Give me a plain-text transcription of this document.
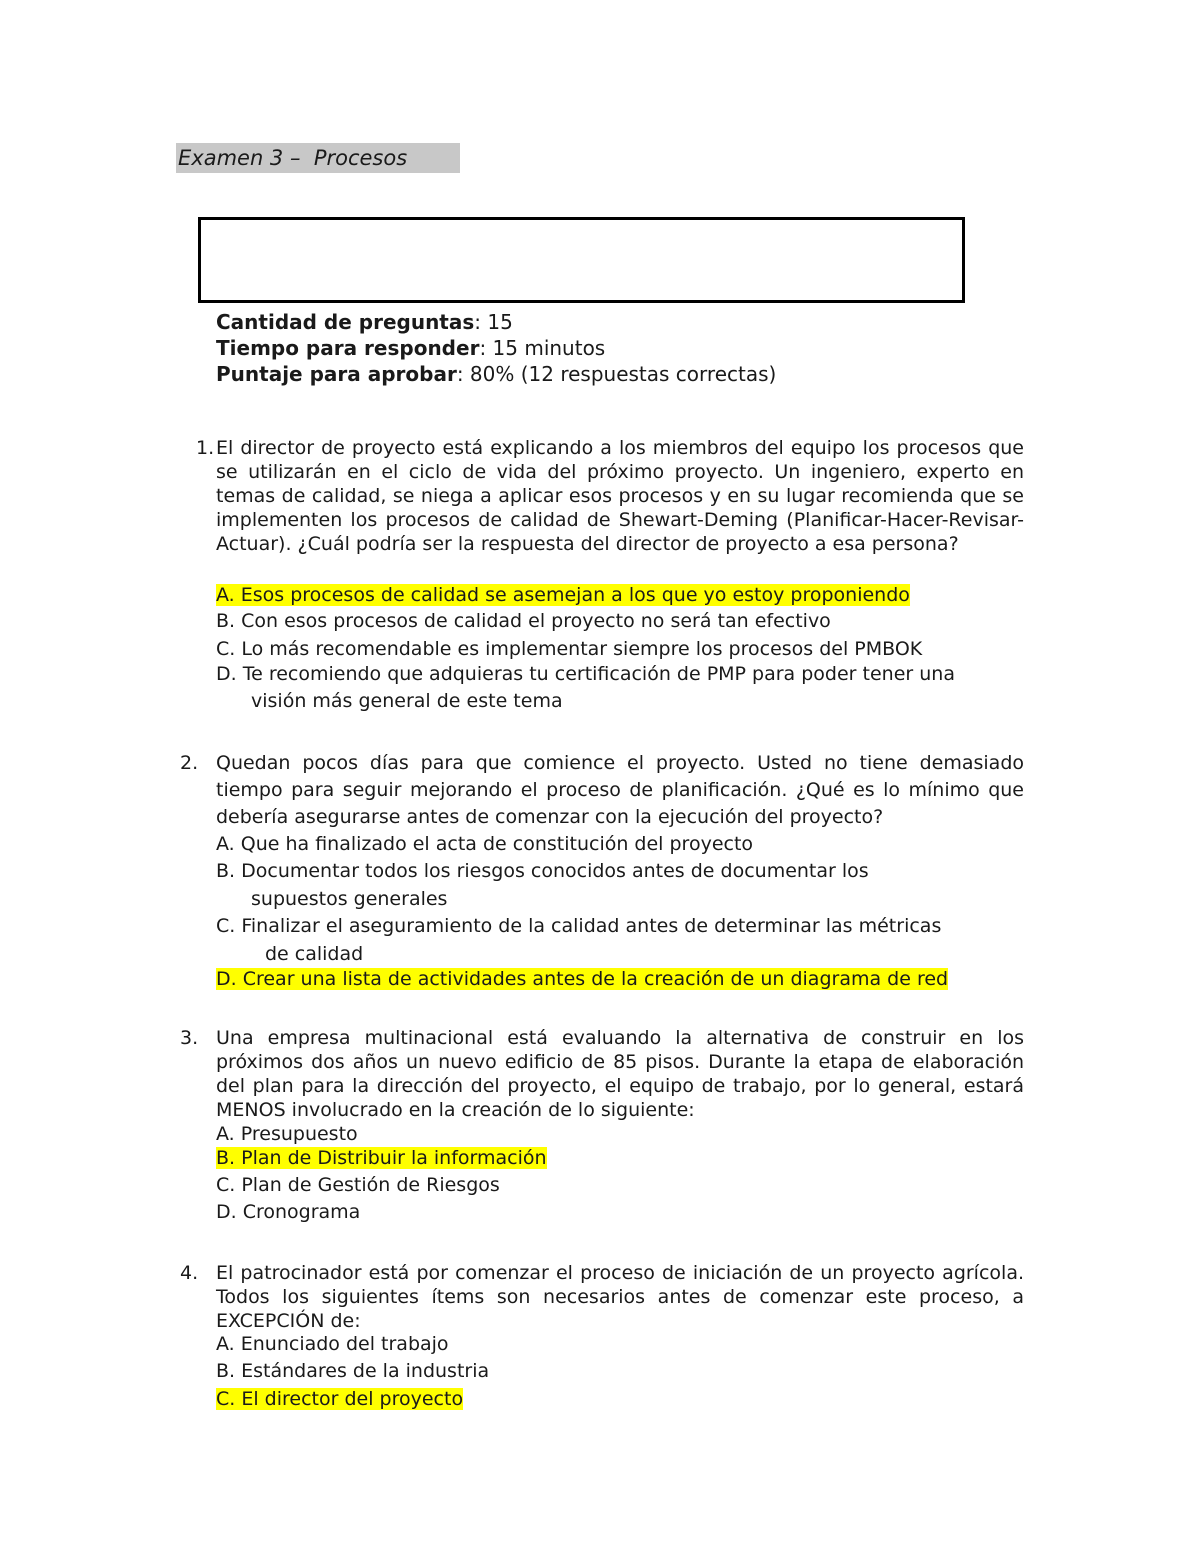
Examen 3 –  Procesos
Cantidad de preguntas: 15
Tiempo para responder: 15 minutos
Puntaje para aprobar: 80% (12 respuestas correctas)
1. El director de proyecto está explicando a los miembros del equipo los procesos que se utilizarán en el ciclo de vida del próximo proyecto. Un ingeniero, experto en temas de calidad, se niega a aplicar esos procesos y en su lugar recomienda que se implementen los procesos de calidad de Shewart-Deming (Planificar-Hacer-Revisar-Actuar). ¿Cuál podría ser la respuesta del director de proyecto a esa persona?
A. Esos procesos de calidad se asemejan a los que yo estoy proponiendo
B. Con esos procesos de calidad el proyecto no será tan efectivo
C. Lo más recomendable es implementar siempre los procesos del PMBOK
D. Te recomiendo que adquieras tu certificación de PMP para poder tener una
visión más general de este tema
2. Quedan pocos días para que comience el proyecto. Usted no tiene demasiado tiempo para seguir mejorando el proceso de planificación. ¿Qué es lo mínimo que debería asegurarse antes de comenzar con la ejecución del proyecto?
A. Que ha finalizado el acta de constitución del proyecto
B. Documentar todos los riesgos conocidos antes de documentar los
supuestos generales
C. Finalizar el aseguramiento de la calidad antes de determinar las métricas
de calidad
D. Crear una lista de actividades antes de la creación de un diagrama de red
3. Una empresa multinacional está evaluando la alternativa de construir en los próximos dos años un nuevo edificio de 85 pisos. Durante la etapa de elaboración del plan para la dirección del proyecto, el equipo de trabajo, por lo general, estará MENOS involucrado en la creación de lo siguiente:
A. Presupuesto
B. Plan de Distribuir la información
C. Plan de Gestión de Riesgos
D. Cronograma
4. El patrocinador está por comenzar el proceso de iniciación de un proyecto agrícola. Todos los siguientes ítems son necesarios antes de comenzar este proceso, a EXCEPCIÓN de:
A. Enunciado del trabajo
B. Estándares de la industria
C. El director del proyecto
